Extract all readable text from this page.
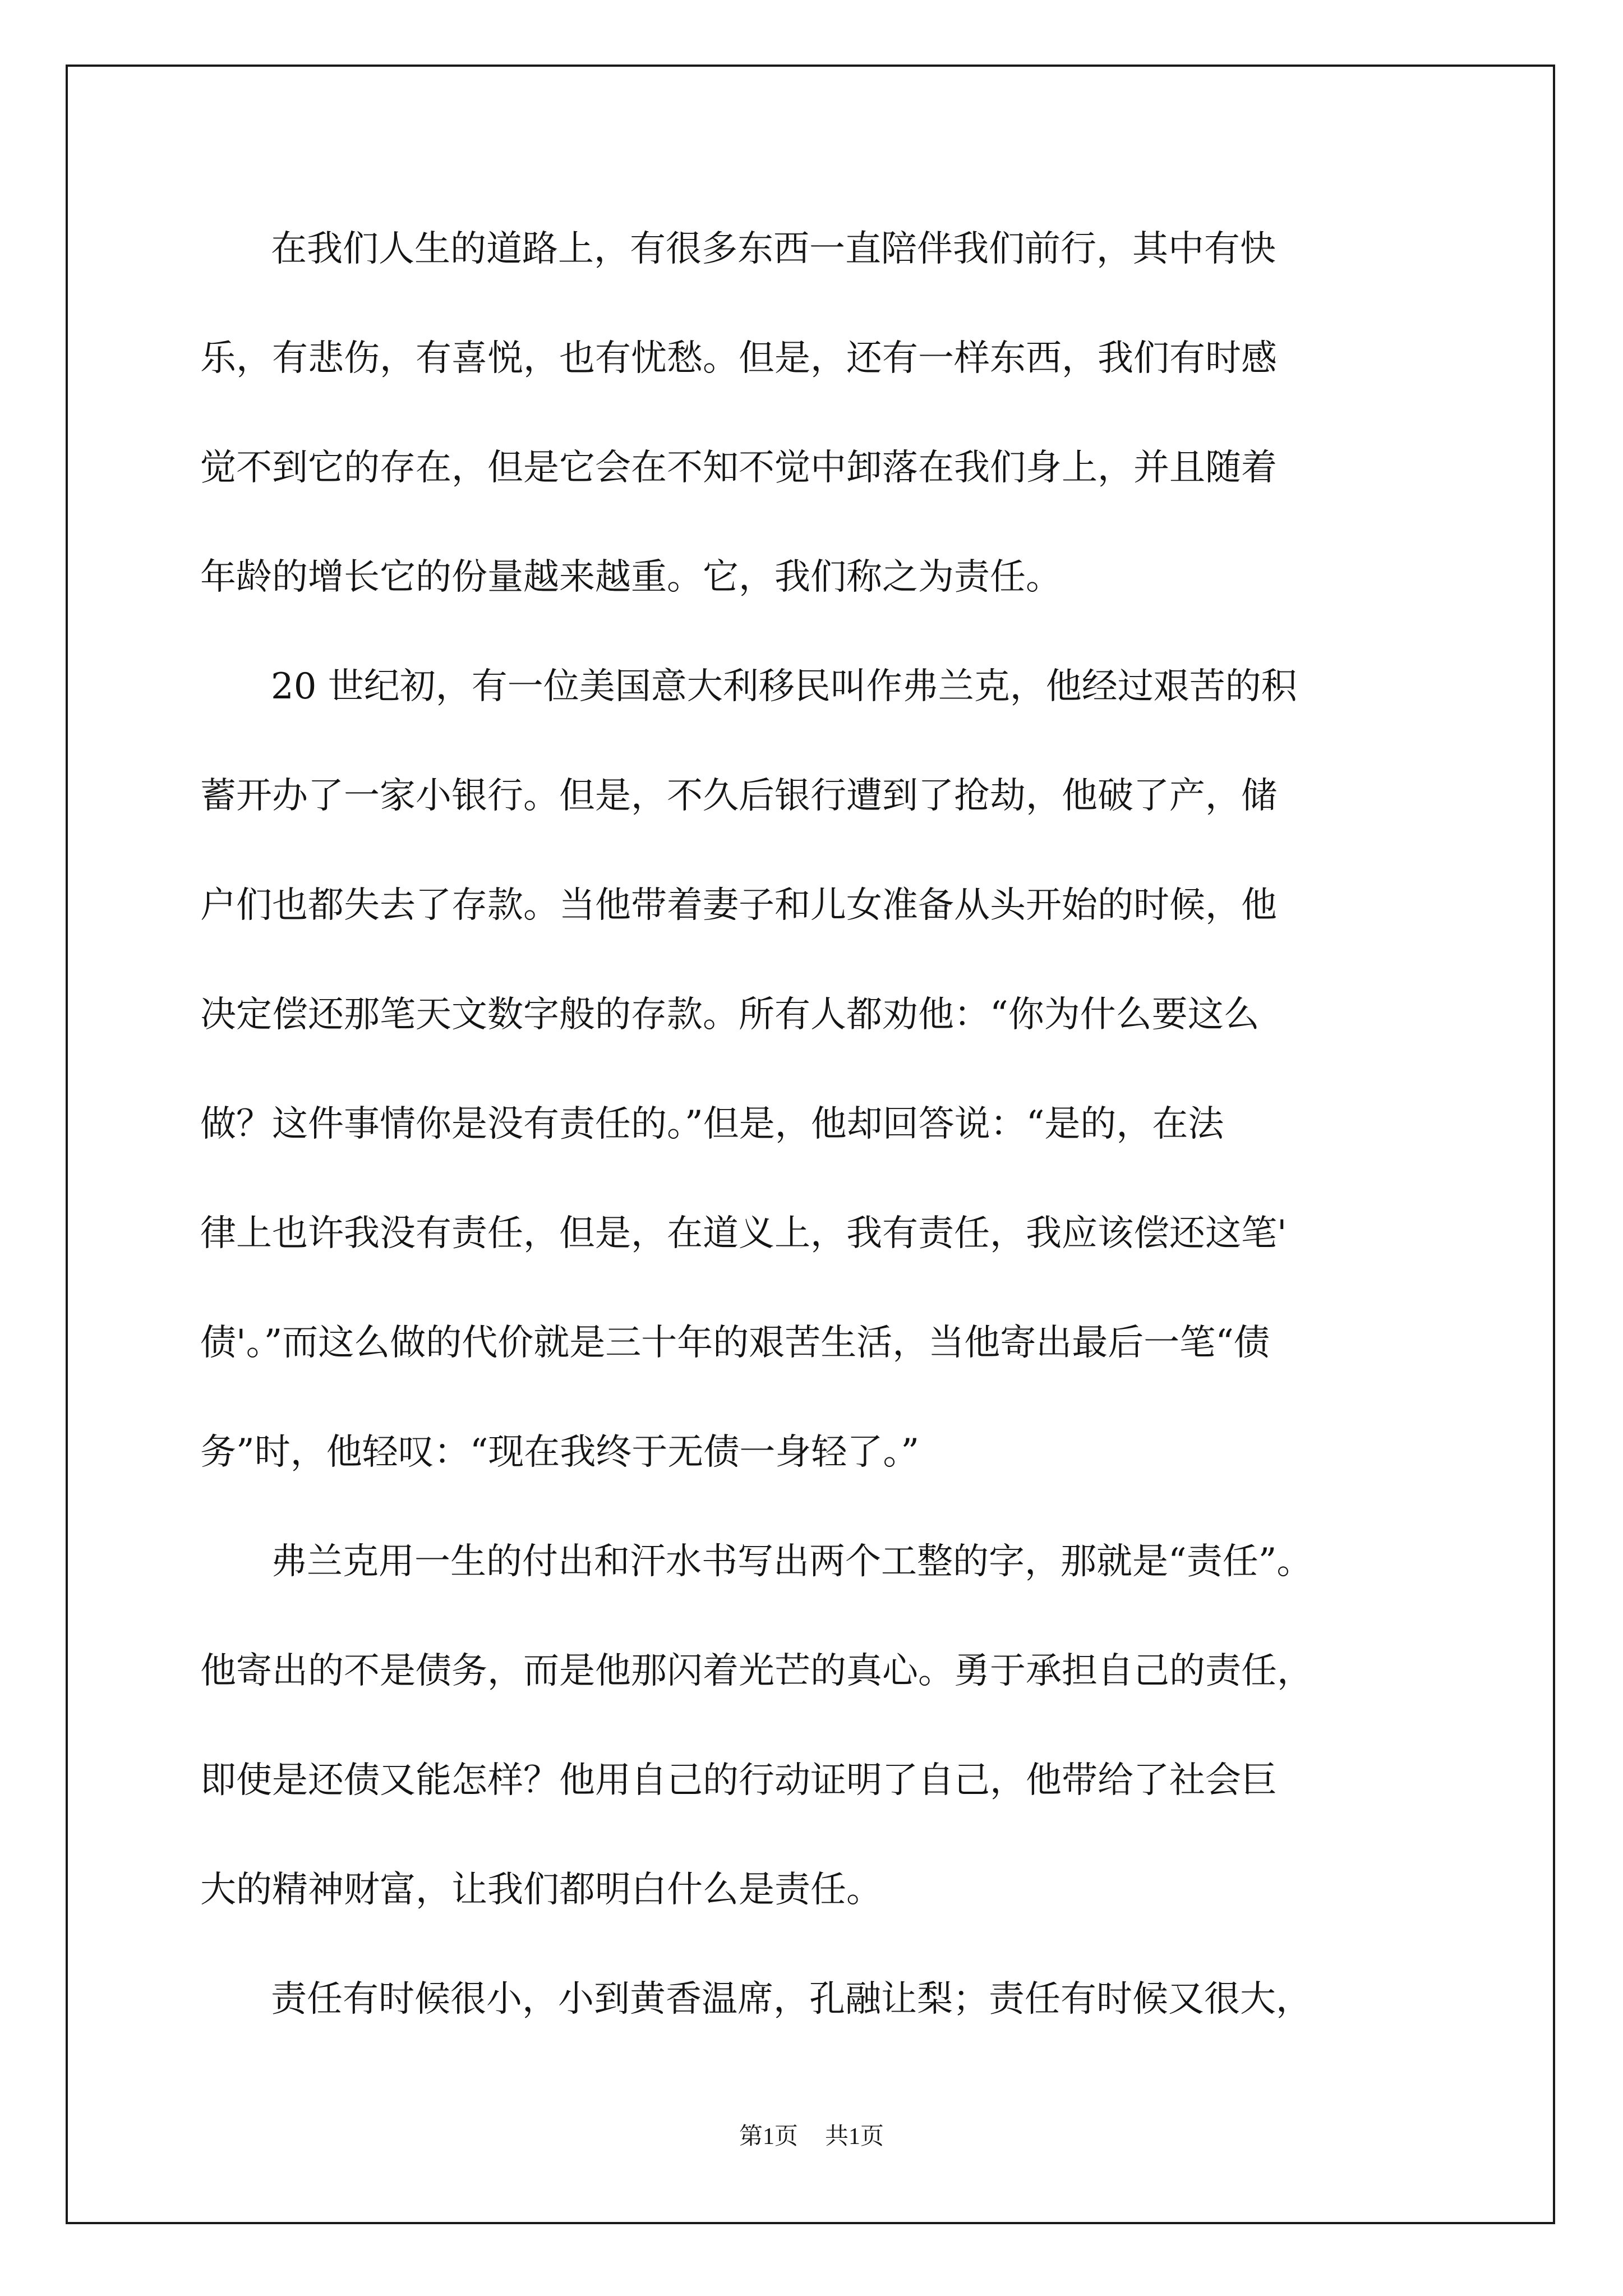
在我们人生的道路上，有很多东西一直陪伴我们前行，其中有快

乐，有悲伤，有喜悦，也有忧愁。但是，还有一样东西，我们有时感

觉不到它的存在，但是它会在不知不觉中卸落在我们身上，并且随着

年龄的增长它的份量越来越重。它，我们称之为责任。

20 世纪初，有一位美国意大利移民叫作弗兰克，他经过艰苦的积

蓄开办了一家小银行。但是，不久后银行遭到了抢劫，他破了产，储

户们也都失去了存款。当他带着妻子和儿女准备从头开始的时候，他

决定偿还那笔天文数字般的存款。所有人都劝他：“你为什么要这么

做？这件事情你是没有责任的。”但是，他却回答说：“是的，在法

律上也许我没有责任，但是，在道义上，我有责任，我应该偿还这笔'

债'。”而这么做的代价就是三十年的艰苦生活，当他寄出最后一笔“债

务”时，他轻叹：“现在我终于无债一身轻了。”

弗兰克用一生的付出和汗水书写出两个工整的字，那就是“责任”。

他寄出的不是债务，而是他那闪着光芒的真心。勇于承担自己的责任，

即使是还债又能怎样？他用自己的行动证明了自己，他带给了社会巨

大的精神财富，让我们都明白什么是责任。

责任有时候很小，小到黄香温席，孔融让梨；责任有时候又很大，

第1页 共1页
